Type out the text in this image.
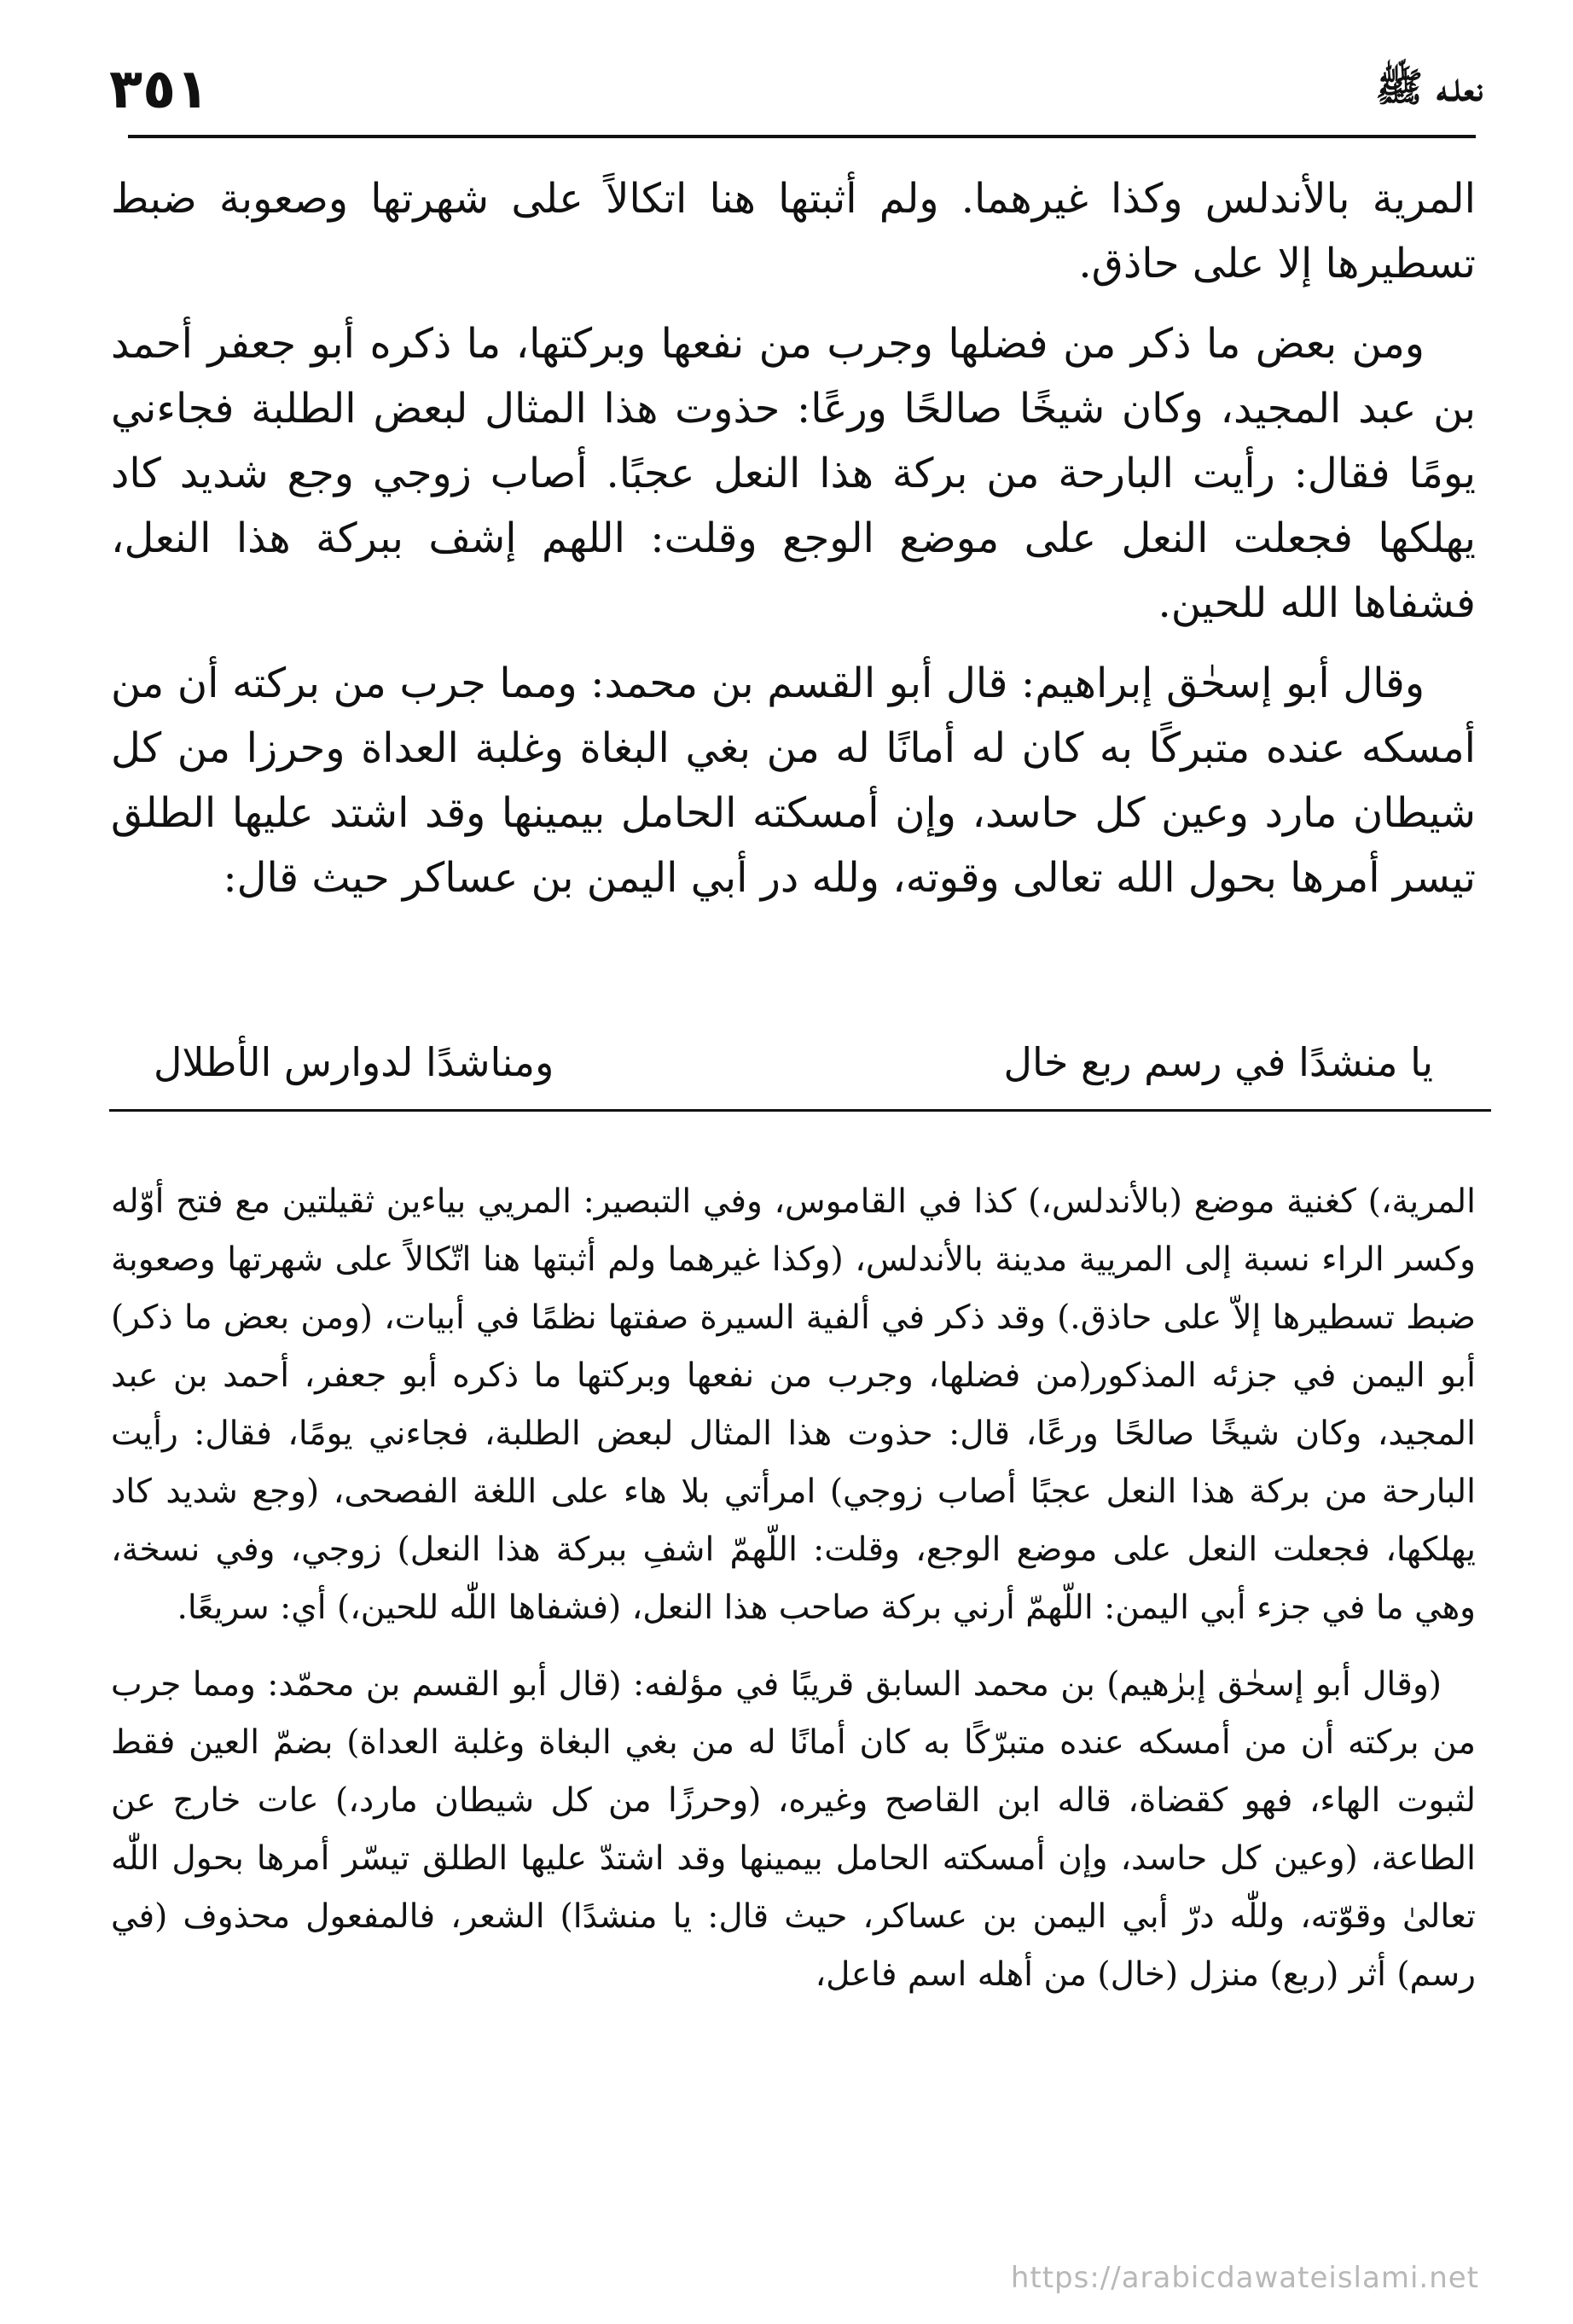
٣٥١	نعلـه ﷺ

المرية بالأندلس وكذا غيرهما. ولم أثبتها هنا اتكالاً على شهرتها وصعوبة ضبط تسطيرها إلا على حاذق.

ومن بعض ما ذكر من فضلها وجرب من نفعها وبركتها، ما ذكره أبو جعفر أحمد بن عبد المجيد، وكان شيخًا صالحًا ورعًا: حذوت هذا المثال لبعض الطلبة فجاءني يومًا فقال: رأيت البارحة من بركة هذا النعل عجبًا. أصاب زوجي وجع شديد كاد يهلكها فجعلت النعل على موضع الوجع وقلت: اللهم إشف ببركة هذا النعل، فشفاها الله للحين.

وقال أبو إسحٰق إبراهيم: قال أبو القسم بن محمد: ومما جرب من بركته أن من أمسكه عنده متبركًا به كان له أمانًا له من بغي البغاة وغلبة العداة وحرزا من كل شيطان مارد وعين كل حاسد، وإن أمسكته الحامل بيمينها وقد اشتد عليها الطلق تيسر أمرها بحول الله تعالى وقوته، ولله در أبي اليمن بن عساكر حيث قال:

يا منشدًا في رسم ربع خال
ومناشدًا لدوارس الأطلال

المرية،) كغنية موضع (بالأندلس،) كذا في القاموس، وفي التبصير: المريي بياءين ثقيلتين مع فتح أوّله وكسر الراء نسبة إلى المريية مدينة بالأندلس، (وكذا غيرهما ولم أثبتها هنا اتّكالاً على شهرتها وصعوبة ضبط تسطيرها إلاّ على حاذق.) وقد ذكر في ألفية السيرة صفتها نظمًا في أبيات، (ومن بعض ما ذكر) أبو اليمن في جزئه المذكور(من فضلها، وجرب من نفعها وبركتها ما ذكره أبو جعفر، أحمد بن عبد المجيد، وكان شيخًا صالحًا ورعًا، قال: حذوت هذا المثال لبعض الطلبة، فجاءني يومًا، فقال: رأيت البارحة من بركة هذا النعل عجبًا أصاب زوجي) امرأتي بلا هاء على اللغة الفصحى، (وجع شديد كاد يهلكها، فجعلت النعل على موضع الوجع، وقلت: اللّهمّ اشفِ ببركة هذا النعل) زوجي، وفي نسخة، وهي ما في جزء أبي اليمن: اللّهمّ أرني بركة صاحب هذا النعل، (فشفاها اللّٰه للحين،) أي: سريعًا.

(وقال أبو إسحٰق إبرٰهيم) بن محمد السابق قريبًا في مؤلفه: (قال أبو القسم بن محمّد: ومما جرب من بركته أن من أمسكه عنده متبرّكًا به كان أمانًا له من بغي البغاة وغلبة العداة) بضمّ العين فقط لثبوت الهاء، فهو كقضاة، قاله ابن القاصح وغيره، (وحرزًا من كل شيطان مارد،) عات خارج عن الطاعة، (وعين كل حاسد، وإن أمسكته الحامل بيمينها وقد اشتدّ عليها الطلق تيسّر أمرها بحول اللّٰه تعالىٰ وقوّته، وللّٰه درّ أبي اليمن بن عساكر، حيث قال: يا منشدًا) الشعر، فالمفعول محذوف (في رسم) أثر (ربع) منزل (خال) من أهله اسم فاعل،

https://arabicdawateislami.net
